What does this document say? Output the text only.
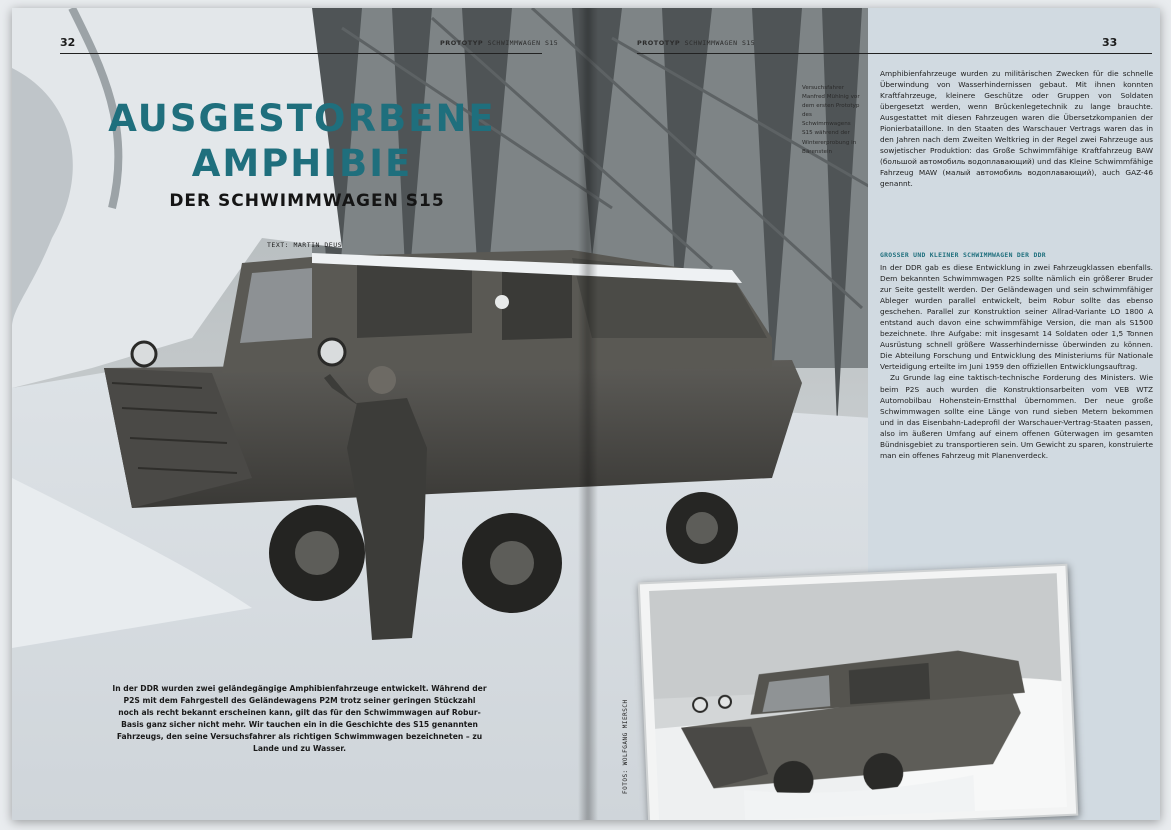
32	PROTOTYP SCHWIMMWAGEN S15
AUSGESTORBENE
AMPHIBIE
DER SCHWIMMWAGEN S15
TEXT: MARTIN DEUS
In der DDR wurden zwei geländegängige Amphibienfahrzeuge entwickelt. Während der P2S mit dem Fahrgestell des Geländewagens P2M trotz seiner geringen Stückzahl noch als recht bekannt erscheinen kann, gilt das für den Schwimmwagen auf Robur-Basis ganz sicher nicht mehr. Wir tauchen ein in die Geschichte des S15 genannten Fahrzeugs, den seine Versuchsfahrer als richtigen Schwimmwagen bezeichneten – zu Lande und zu Wasser.
PROTOTYP SCHWIMMWAGEN S15	33
Versuchsfahrer Manfred Mühlnig vor dem ersten Prototyp des Schwimmwagens S15 während der Wintererprobung in Bärenstein

Amphibienfahrzeuge wurden zu militärischen Zwecken für die schnelle Überwindung von Wasserhindernissen gebaut. Mit ihnen konnten Kraftfahrzeuge, kleinere Geschütze oder Gruppen von Soldaten übergesetzt werden, wenn Brückenlegetechnik zu lange brauchte. Ausgestattet mit diesen Fahrzeugen waren die Übersetzkompanien der Pionierbataillone. In den Staaten des Warschauer Vertrags waren das in den Jahren nach dem Zweiten Weltkrieg in der Regel zwei Fahrzeuge aus sowjetischer Produktion: das Große Schwimmfähige Kraftfahrzeug BAW (большой автомобиль водоплавающий) und das Kleine Schwimmfähige Fahrzeug MAW (малый автомобиль водоплавающий), auch GAZ-46 genannt.

GROSSER UND KLEINER SCHWIMMWAGEN DER DDR

In der DDR gab es diese Entwicklung in zwei Fahrzeugklassen ebenfalls. Dem bekannten Schwimmwagen P2S sollte nämlich ein größerer Bruder zur Seite gestellt werden. Der Geländewagen und sein schwimmfähiger Ableger wurden parallel entwickelt, beim Robur sollte das ebenso geschehen. Parallel zur Konstruktion seiner Allrad-Variante LO 1800 A entstand auch davon eine schwimmfähige Version, die man als S1500 bezeichnete. Ihre Aufgabe: mit insgesamt 14 Soldaten oder 1,5 Tonnen Ausrüstung schnell größere Wasserhindernisse überwinden zu können. Die Abteilung Forschung und Entwicklung des Ministeriums für Nationale Verteidigung erteilte im Juni 1959 den offiziellen Entwicklungsauftrag.

Zu Grunde lag eine taktisch-technische Forderung des Ministers. Wie beim P2S auch wurden die Konstruktionsarbeiten vom VEB WTZ Automobilbau Hohenstein-Ernstthal übernommen. Der neue große Schwimmwagen sollte eine Länge von rund sieben Metern bekommen und in das Eisenbahn-Ladeprofil der Warschauer-Vertrag-Staaten passen, also im äußeren Umfang auf einem offenen Güterwagen im gesamten Bündnisgebiet zu transportieren sein. Um Gewicht zu sparen, konstruierte man ein offenes Fahrzeug mit Planenverdeck.

FOTOS: WOLFGANG MIERSCH
